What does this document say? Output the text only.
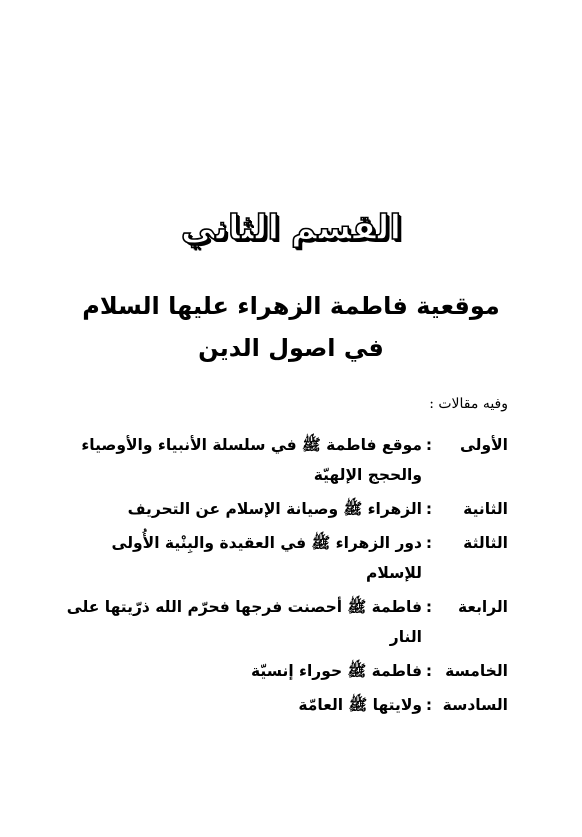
القسم الثاني
موقعية فاطمة الزهراء عليها السلام
في اصول الدين
وفيه مقالات :
الأولى
:
موقع فاطمة ﷺ في سلسلة الأنبياء والأوصياء والحجج الإلهيّة
الثانية
:
الزهراء ﷺ وصيانة الإسلام عن التحريف
الثالثة
:
دور الزهراء ﷺ في العقيدة والبِنْية الأُولى للإسلام
الرابعة
:
فاطمة ﷺ أحصنت فرجها فحرّم الله ذرّيتها على النار
الخامسة
:
فاطمة ﷺ حوراء إنسيّة
السادسة
:
ولايتها ﷺ العامّة
